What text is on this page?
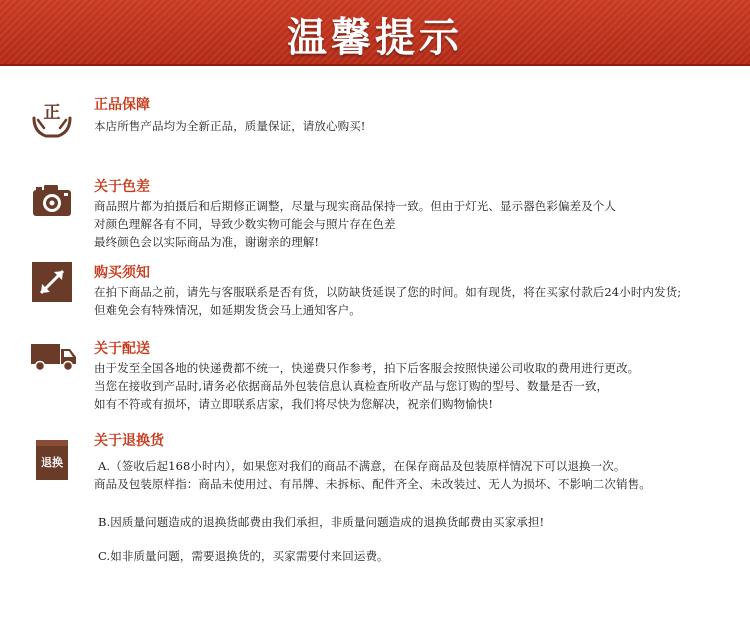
温馨提示
正 正品保障
本店所售产品均为全新正品，质量保证，请放心购买!
关于色差
商品照片都为拍摄后和后期修正调整，尽量与现实商品保持一致。但由于灯光、显示器色彩偏差及个人
对颜色理解各有不同，导致少数实物可能会与照片存在色差
最终颜色会以实际商品为准，谢谢亲的理解!
购买须知
在拍下商品之前，请先与客服联系是否有货，以防缺货延误了您的时间。如有现货，将在买家付款后24小时内发货;
但难免会有特殊情况，如延期发货会马上通知客户。
关于配送
由于发至全国各地的快递费都不统一，快递费只作参考，拍下后客服会按照快递公司收取的费用进行更改。
当您在接收到产品时,请务必依据商品外包装信息认真检查所收产品与您订购的型号、数量是否一致，
如有不符或有损坏，请立即联系店家，我们将尽快为您解决，祝亲们购物愉快!
退换
关于退换货
A.（签收后起168小时内），如果您对我们的商品不满意，在保存商品及包装原样情况下可以退换一次。
商品及包装原样指：商品未使用过、有吊牌、未拆标、配件齐全、未改装过、无人为损坏、不影响二次销售。
B.因质量问题造成的退换货邮费由我们承担，非质量问题造成的退换货邮费由买家承担!
C.如非质量问题，需要退换货的，买家需要付来回运费。
